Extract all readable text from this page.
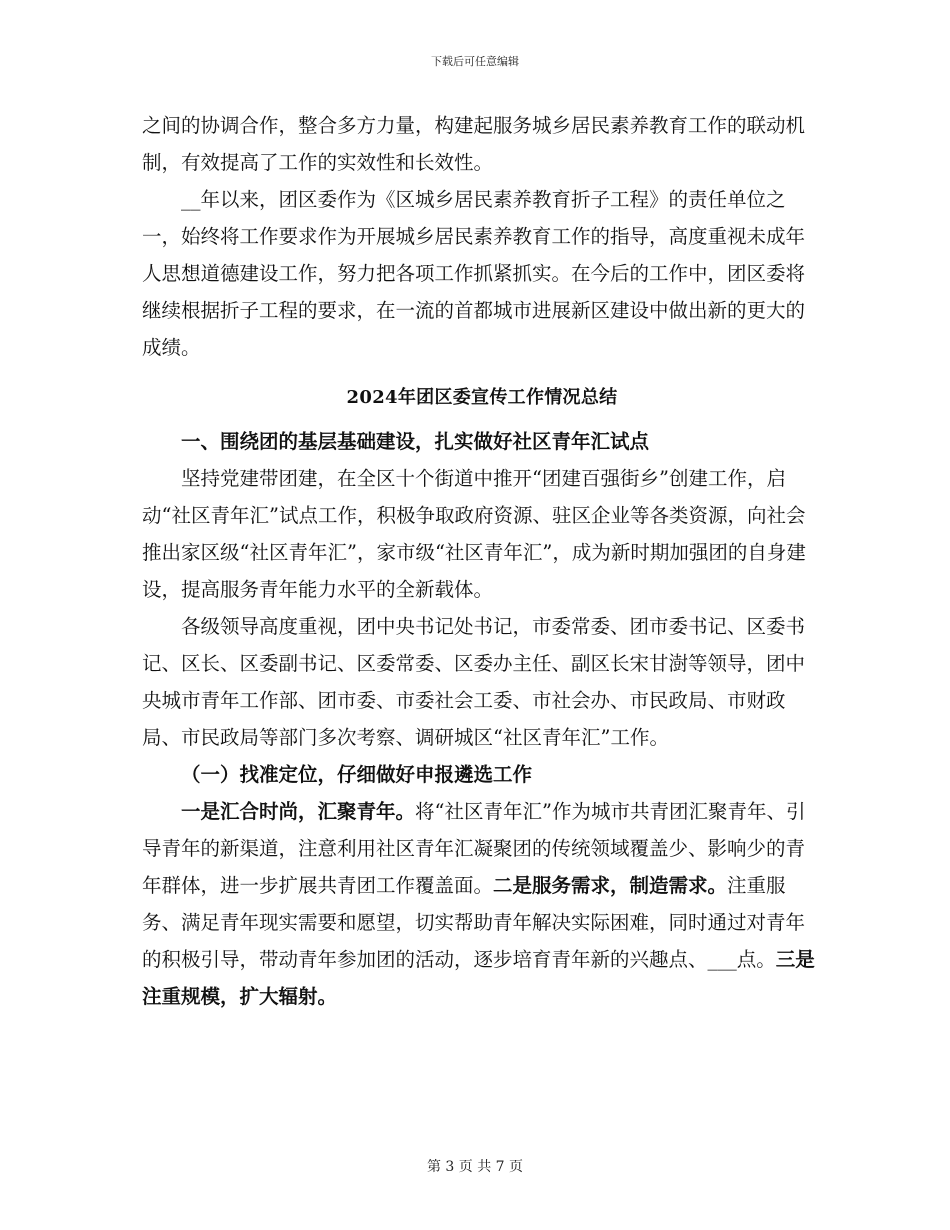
下载后可任意编辑

之间的协调合作，整合多方力量，构建起服务城乡居民素养教育工作的联动机制，有效提高了工作的实效性和长效性。

__年以来，团区委作为《区城乡居民素养教育折子工程》的责任单位之一，始终将工作要求作为开展城乡居民素养教育工作的指导，高度重视未成年人思想道德建设工作，努力把各项工作抓紧抓实。在今后的工作中，团区委将继续根据折子工程的要求，在一流的首都城市进展新区建设中做出新的更大的成绩。

2024年团区委宣传工作情况总结

一、围绕团的基层基础建设，扎实做好社区青年汇试点

坚持党建带团建，在全区十个街道中推开“团建百强街乡”创建工作，启动“社区青年汇”试点工作，积极争取政府资源、驻区企业等各类资源，向社会推出家区级“社区青年汇”，家市级“社区青年汇”，成为新时期加强团的自身建设，提高服务青年能力水平的全新载体。

各级领导高度重视，团中央书记处书记，市委常委、团市委书记、区委书记、区长、区委副书记、区委常委、区委办主任、副区长宋甘澍等领导，团中央城市青年工作部、团市委、市委社会工委、市社会办、市民政局、市财政局、市民政局等部门多次考察、调研城区“社区青年汇”工作。

（一）找准定位，仔细做好申报遴选工作

一是汇合时尚，汇聚青年。将“社区青年汇”作为城市共青团汇聚青年、引导青年的新渠道，注意利用社区青年汇凝聚团的传统领域覆盖少、影响少的青年群体，进一步扩展共青团工作覆盖面。二是服务需求，制造需求。注重服务、满足青年现实需要和愿望，切实帮助青年解决实际困难，同时通过对青年的积极引导，带动青年参加团的活动，逐步培育青年新的兴趣点、___点。三是注重规模，扩大辐射。

第 3 页 共 7 页
